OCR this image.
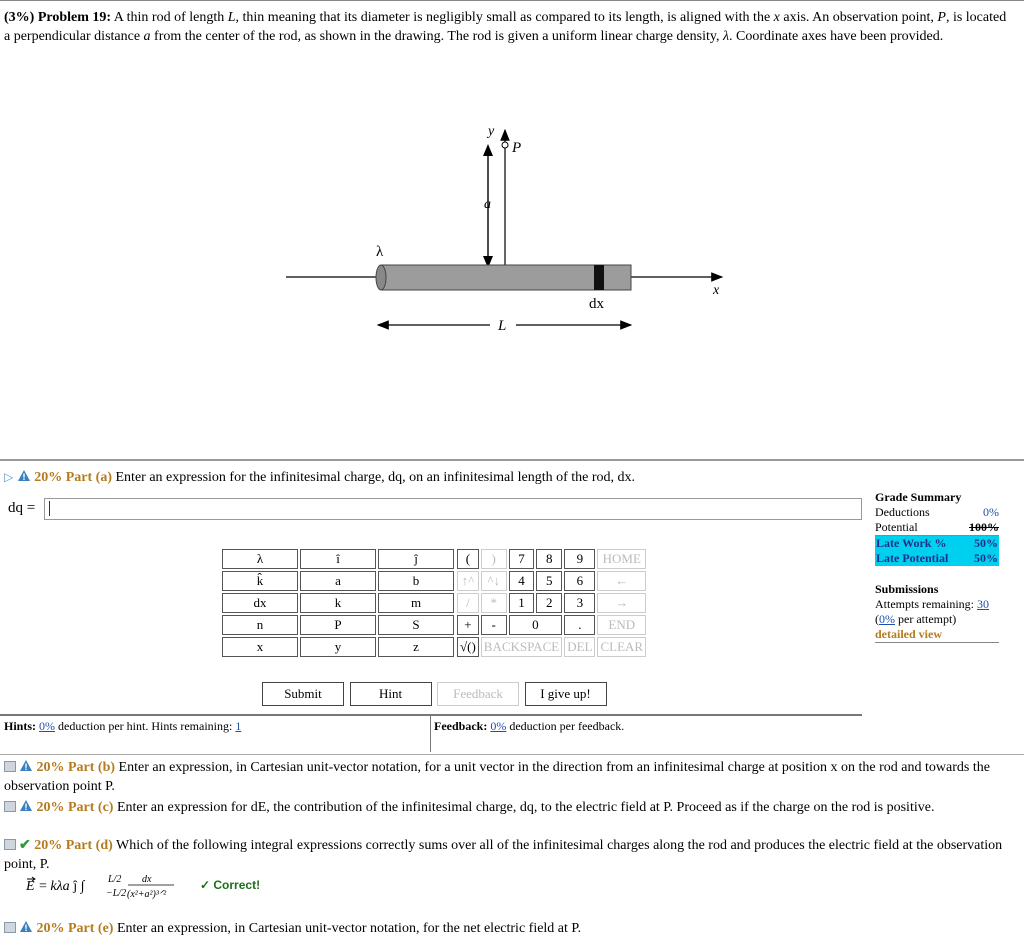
(3%) Problem 19: A thin rod of length L, thin meaning that its diameter is negligibly small as compared to its length, is aligned with the x axis. An observation point, P, is located a perpendicular distance a from the center of the rod, as shown in the drawing. The rod is given a uniform linear charge density, λ. Coordinate axes have been provided.
y
P
a
λ
x
dx
L
▷ 20% Part (a) Enter an expression for the infinitesimal charge, dq, on an infinitesimal length of the rod, dx.
dq =
λ	î	ĵ
k̂	a	b
dx	k	m
n	P	S
x	y	z
(	)	7	8	9	HOME
↑^	^↓	4	5	6	←
/	*	1	2	3	→
+	-	0		.	END
√()	BACKSPACE			DEL	CLEAR
Submit	Hint	Feedback	I give up!
Hints: 0% deduction per hint. Hints remaining: 1	Feedback: 0% deduction per feedback.
Grade Summary
Deductions	0%
Potential	100%
Late Work % 50%
Late Potential 50%
Submissions
Attempts remaining: 30
(0% per attempt)
detailed view
20% Part (b) Enter an expression, in Cartesian unit-vector notation, for a unit vector in the direction from an infinitesimal charge at position x on the rod and towards the observation point P.
20% Part (c) Enter an expression for dE, the contribution of the infinitesimal charge, dq, to the electric field at P. Proceed as if the charge on the rod is positive.
✔ 20% Part (d) Which of the following integral expressions correctly sums over all of the infinitesimal charges along the rod and produces the electric field at the observation point, P.
E = kλa ĵ ∫ L/2
−L/2
dx
(x²+a²)³ᐟ²
✓ Correct!
20% Part (e) Enter an expression, in Cartesian unit-vector notation, for the net electric field at P.
